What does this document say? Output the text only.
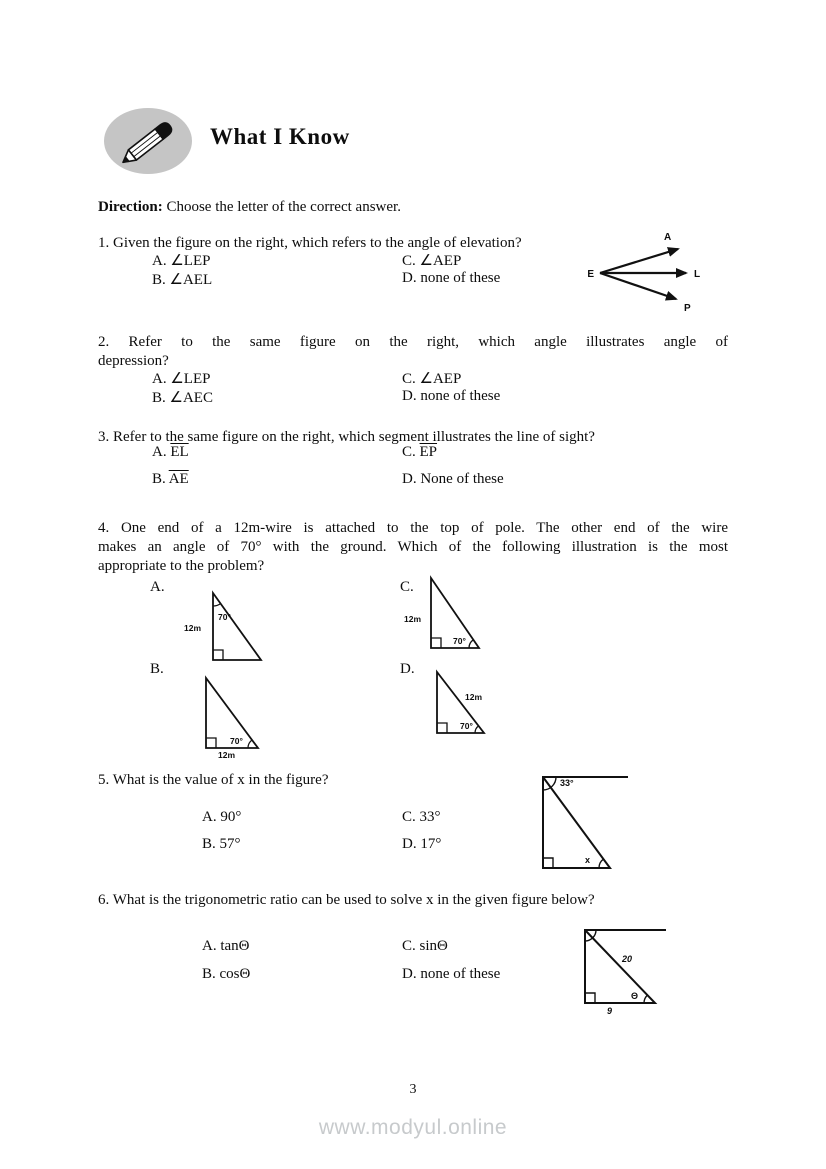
What I Know
Direction: Choose the letter of the correct answer.
1. Given the figure on the right, which refers to the angle of elevation?
A. ∠LEP	C. ∠AEP
B. ∠AEL	D. none of these	E
A
L
P
2. Refer to the same figure on the right, which angle illustrates angle of
depression?
A. ∠LEP	C. ∠AEP
B. ∠AEC	D. none of these
3. Refer to the same figure on the right, which segment illustrates the line of sight?
A. $\overline{EL}$	C. $\overline{EP}$
B. $\overline{AE}$	D. None of these
4. One end of a 12m-wire is attached to the top of pole. The other end of the wire
makes an angle of 70° with the ground. Which of the following illustration is the most
appropriate to the problem?
A.	C.
B.	D.
70°
12m
70°
12m
70°
12m
12m
70°
5. What is the value of x in the figure?
A. 90°	C. 33°
B. 57°	D. 17°
33°
x
6. What is the trigonometric ratio can be used to solve x in the given figure below?
A. tanΘ	C. sinΘ
B. cosΘ	D. none of these
20
Θ
9
3
www.modyul.online
